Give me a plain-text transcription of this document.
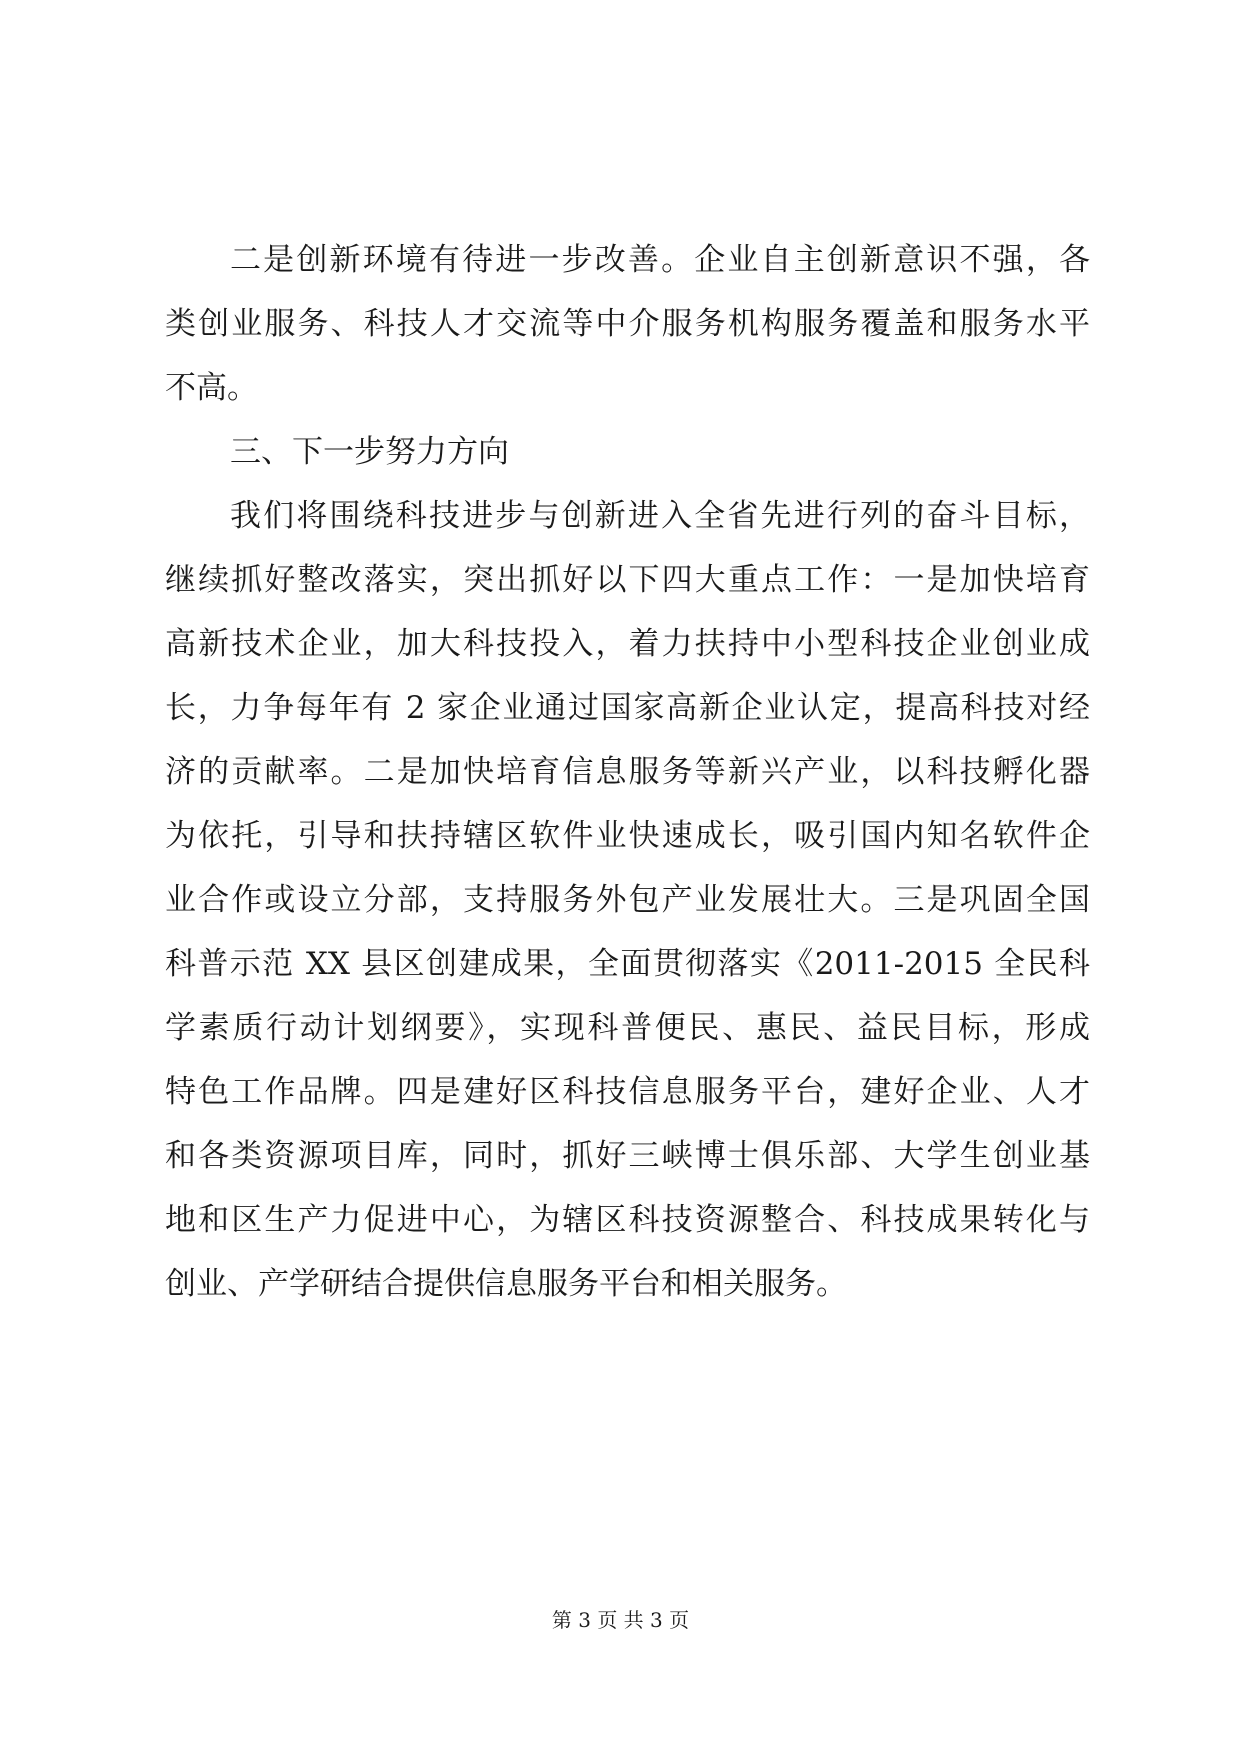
二是创新环境有待进一步改善。企业自主创新意识不强，各
类创业服务、科技人才交流等中介服务机构服务覆盖和服务水平
不高。
三、下一步努力方向
我们将围绕科技进步与创新进入全省先进行列的奋斗目标，
继续抓好整改落实，突出抓好以下四大重点工作：一是加快培育
高新技术企业，加大科技投入，着力扶持中小型科技企业创业成
长，力争每年有 2 家企业通过国家高新企业认定，提高科技对经
济的贡献率。二是加快培育信息服务等新兴产业，以科技孵化器
为依托，引导和扶持辖区软件业快速成长，吸引国内知名软件企
业合作或设立分部，支持服务外包产业发展壮大。三是巩固全国
科普示范 XX 县区创建成果，全面贯彻落实《2011-2015 全民科
学素质行动计划纲要》，实现科普便民、惠民、益民目标，形成
特色工作品牌。四是建好区科技信息服务平台，建好企业、人才
和各类资源项目库，同时，抓好三峡博士俱乐部、大学生创业基
地和区生产力促进中心，为辖区科技资源整合、科技成果转化与
创业、产学研结合提供信息服务平台和相关服务。
第 3 页 共 3 页
